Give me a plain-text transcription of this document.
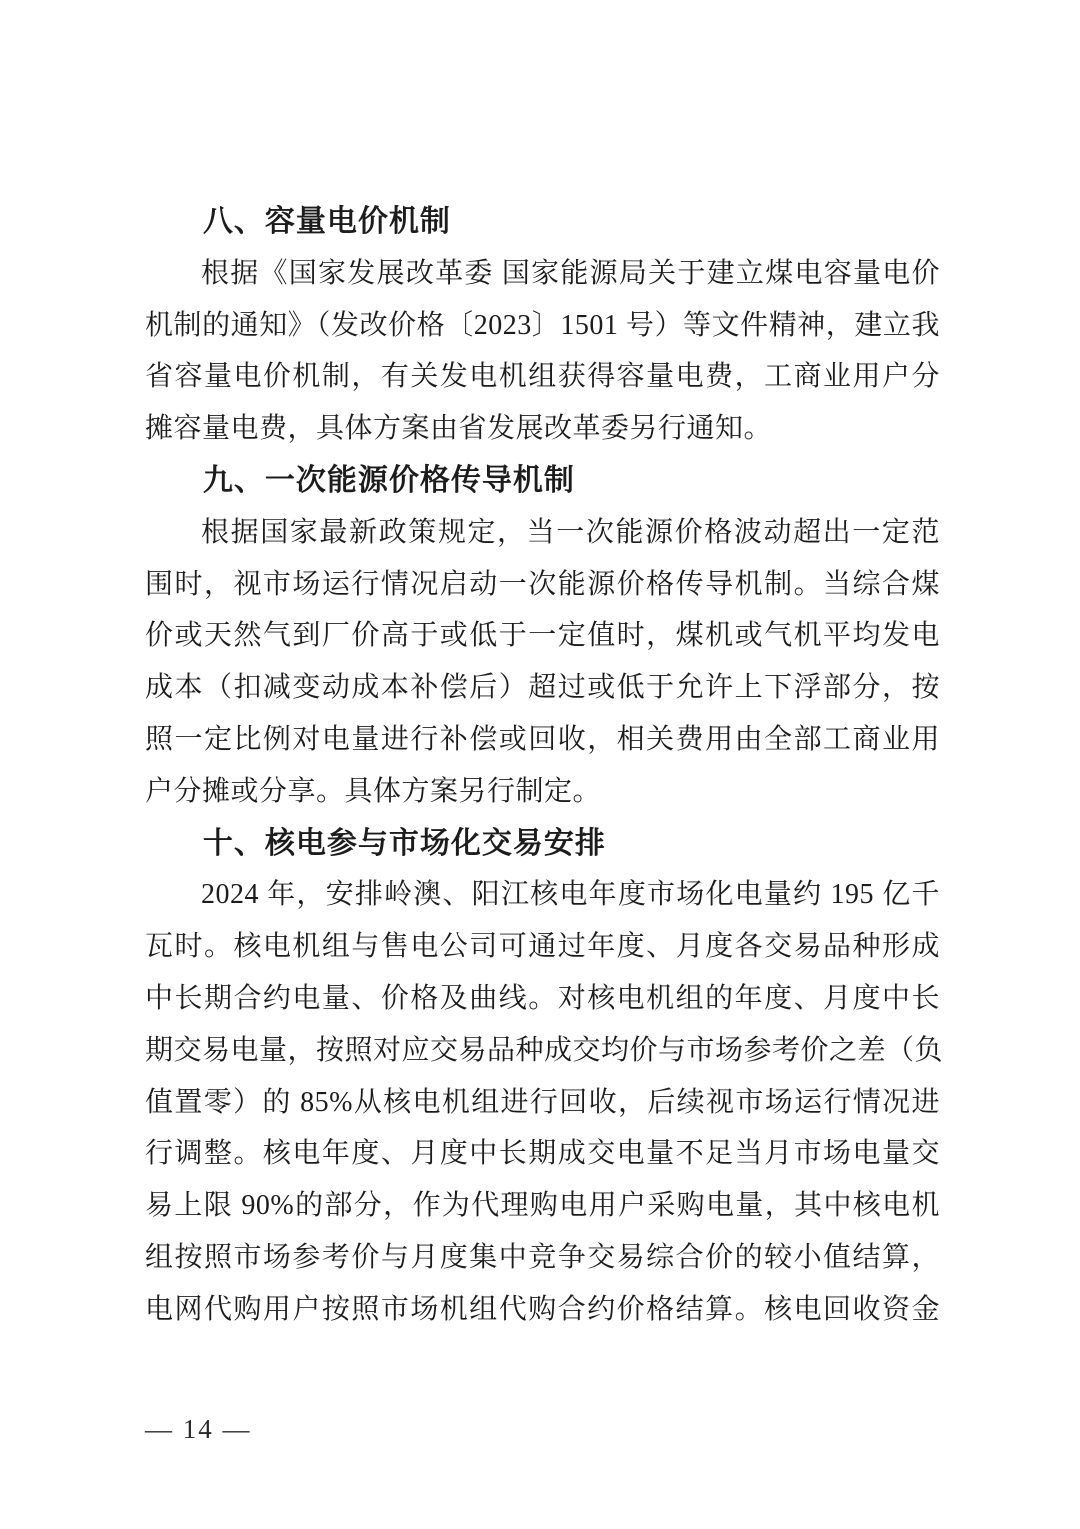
八、容量电价机制
根据《国家发展改革委 国家能源局关于建立煤电容量电价
机制的通知》（发改价格〔2023〕1501 号）等文件精神，建立我
省容量电价机制，有关发电机组获得容量电费，工商业用户分
摊容量电费，具体方案由省发展改革委另行通知。
九、一次能源价格传导机制
根据国家最新政策规定，当一次能源价格波动超出一定范
围时，视市场运行情况启动一次能源价格传导机制。当综合煤
价或天然气到厂价高于或低于一定值时，煤机或气机平均发电
成本（扣减变动成本补偿后）超过或低于允许上下浮部分，按
照一定比例对电量进行补偿或回收，相关费用由全部工商业用
户分摊或分享。具体方案另行制定。
十、核电参与市场化交易安排
2024 年，安排岭澳、阳江核电年度市场化电量约 195 亿千
瓦时。核电机组与售电公司可通过年度、月度各交易品种形成
中长期合约电量、价格及曲线。对核电机组的年度、月度中长
期交易电量，按照对应交易品种成交均价与市场参考价之差（负
值置零）的 85%从核电机组进行回收，后续视市场运行情况进
行调整。核电年度、月度中长期成交电量不足当月市场电量交
易上限 90%的部分，作为代理购电用户采购电量，其中核电机
组按照市场参考价与月度集中竞争交易综合价的较小值结算，
电网代购用户按照市场机组代购合约价格结算。核电回收资金
— 14 —
